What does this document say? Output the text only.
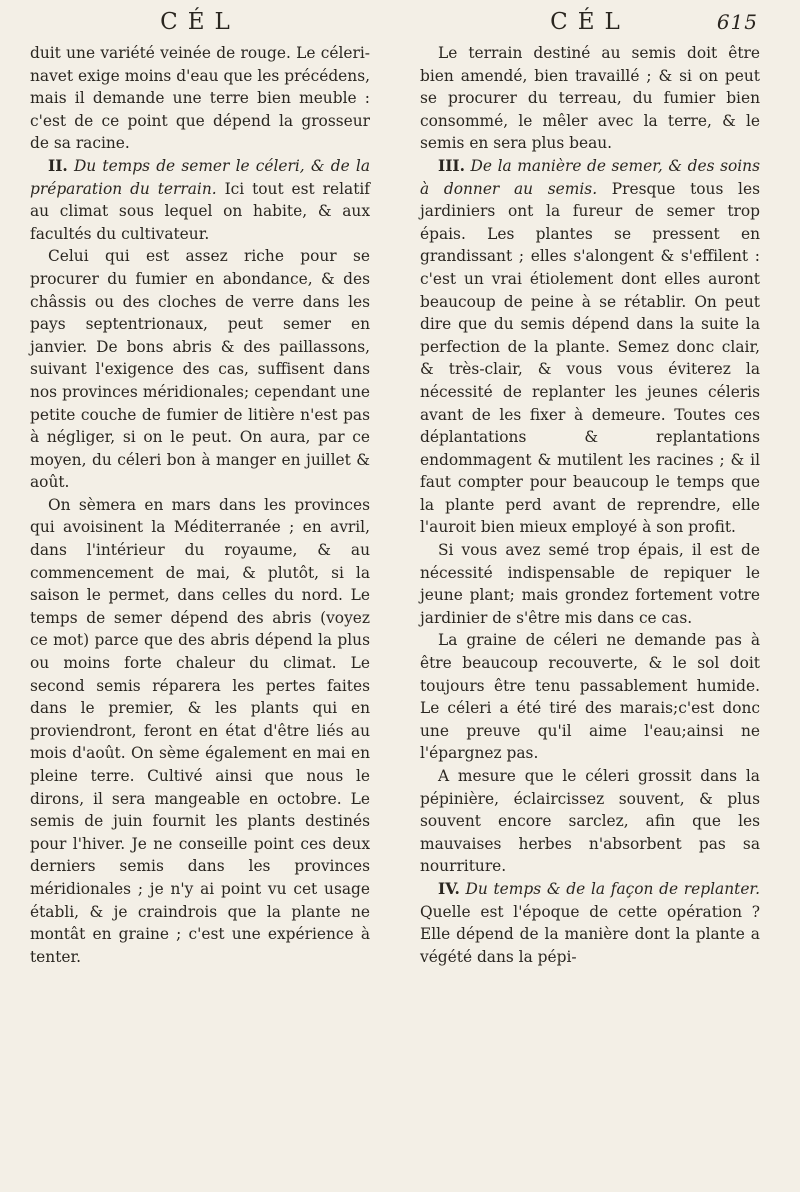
CÉL

duit une variété veinée de rouge. Le céleri-navet exige moins d'eau que les précédens, mais il demande une terre bien meuble : c'est de ce point que dépend la grosseur de sa racine.

II. Du temps de semer le céleri, & de la préparation du terrain. Ici tout est relatif au climat sous lequel on habite, & aux facultés du cultivateur.

Celui qui est assez riche pour se procurer du fumier en abondance, & des châssis ou des cloches de verre dans les pays septentrionaux, peut semer en janvier. De bons abris & des paillassons, suivant l'exigence des cas, suffisent dans nos provinces méridionales; cependant une petite couche de fumier de litière n'est pas à négliger, si on le peut. On aura, par ce moyen, du céleri bon à manger en juillet & août.

On sèmera en mars dans les provinces qui avoisinent la Méditerranée ; en avril, dans l'intérieur du royaume, & au commencement de mai, & plutôt, si la saison le permet, dans celles du nord. Le temps de semer dépend des abris (voyez ce mot) parce que des abris dépend la plus ou moins forte chaleur du climat. Le second semis réparera les pertes faites dans le premier, & les plants qui en proviendront, feront en état d'être liés au mois d'août. On sème également en mai en pleine terre. Cultivé ainsi que nous le dirons, il sera mangeable en octobre. Le semis de juin fournit les plants destinés pour l'hiver. Je ne conseille point ces deux derniers semis dans les provinces méridionales ; je n'y ai point vu cet usage établi, & je craindrois que la plante ne montât en graine ; c'est une expérience à tenter.

CÉL	615

Le terrain destiné au semis doit être bien amendé, bien travaillé ; & si on peut se procurer du terreau, du fumier bien consommé, le mêler avec la terre, & le semis en sera plus beau.

III. De la manière de semer, & des soins à donner au semis. Presque tous les jardiniers ont la fureur de semer trop épais. Les plantes se pressent en grandissant ; elles s'alongent & s'effilent : c'est un vrai étiolement dont elles auront beaucoup de peine à se rétablir. On peut dire que du semis dépend dans la suite la perfection de la plante. Semez donc clair, & très-clair, & vous vous éviterez la nécessité de replanter les jeunes céleris avant de les fixer à demeure. Toutes ces déplantations & replantations endommagent & mutilent les racines ; & il faut compter pour beaucoup le temps que la plante perd avant de reprendre, elle l'auroit bien mieux employé à son profit.

Si vous avez semé trop épais, il est de nécessité indispensable de repiquer le jeune plant; mais grondez fortement votre jardinier de s'être mis dans ce cas.

La graine de céleri ne demande pas à être beaucoup recouverte, & le sol doit toujours être tenu passablement humide. Le céleri a été tiré des marais;c'est donc une preuve qu'il aime l'eau;ainsi ne l'épargnez pas.

A mesure que le céleri grossit dans la pépinière, éclaircissez souvent, & plus souvent encore sarclez, afin que les mauvaises herbes n'absorbent pas sa nourriture.

IV. Du temps & de la façon de replanter. Quelle est l'époque de cette opération ? Elle dépend de la manière dont la plante a végété dans la pépi-
